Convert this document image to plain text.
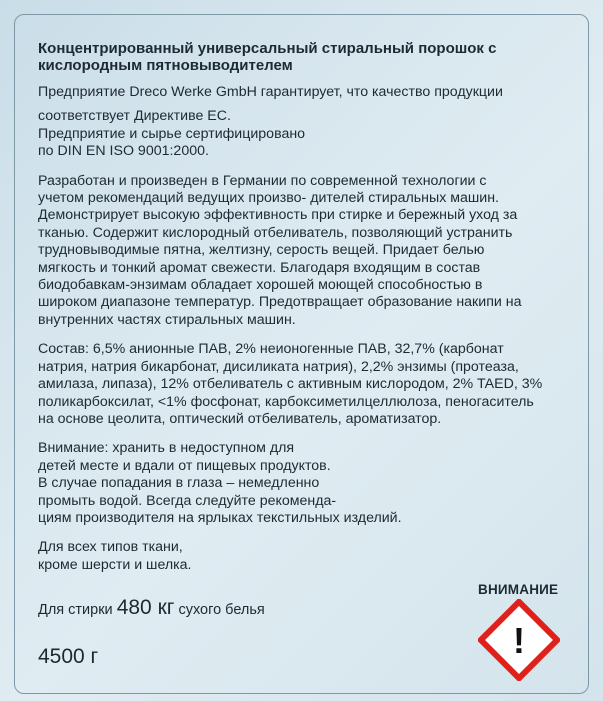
Концентрированный универсальный стиральный порошок с
кислородным пятновыводителем
Предприятие Dreco Werke GmbH гарантирует, что качество продукции
соответствует Директиве ЕС.
Предприятие и сырье сертифицировано
по DIN EN ISO 9001:2000.
Разработан и произведен в Германии по современной технологии с
учетом рекомендаций ведущих произво- дителей стиральных машин.
Демонстрирует высокую эффективность при стирке и бережный уход за
тканью. Содержит кислородный отбеливатель, позволяющий устранить
трудновыводимые пятна, желтизну, серость вещей. Придает белью
мягкость и тонкий аромат свежести. Благодаря входящим в состав
биодобавкам-энзимам обладает хорошей моющей способностью в
широком диапазоне температур. Предотвращает образование накипи на
внутренних частях стиральных машин.
Состав: 6,5% анионные ПАВ, 2% неионогенные ПАВ, 32,7% (карбонат
натрия, натрия бикарбонат, дисиликата натрия), 2,2% энзимы (протеаза,
амилаза, липаза), 12% отбеливатель с активным кислородом, 2% TAED, 3%
поликарбоксилат, <1% фосфонат, карбоксиметилцеллюлоза, пеногаситель
на основе цеолита, оптический отбеливатель, ароматизатор.
Внимание: хранить в недоступном для
детей месте и вдали от пищевых продуктов.
В случае попадания в глаза – немедленно
промыть водой. Всегда следуйте рекоменда-
циям производителя на ярлыках текстильных изделий.
Для всех типов ткани,
кроме шерсти и шелка.
Для стирки 480 кг сухого белья
4500 г
ВНИМАНИЕ
!
